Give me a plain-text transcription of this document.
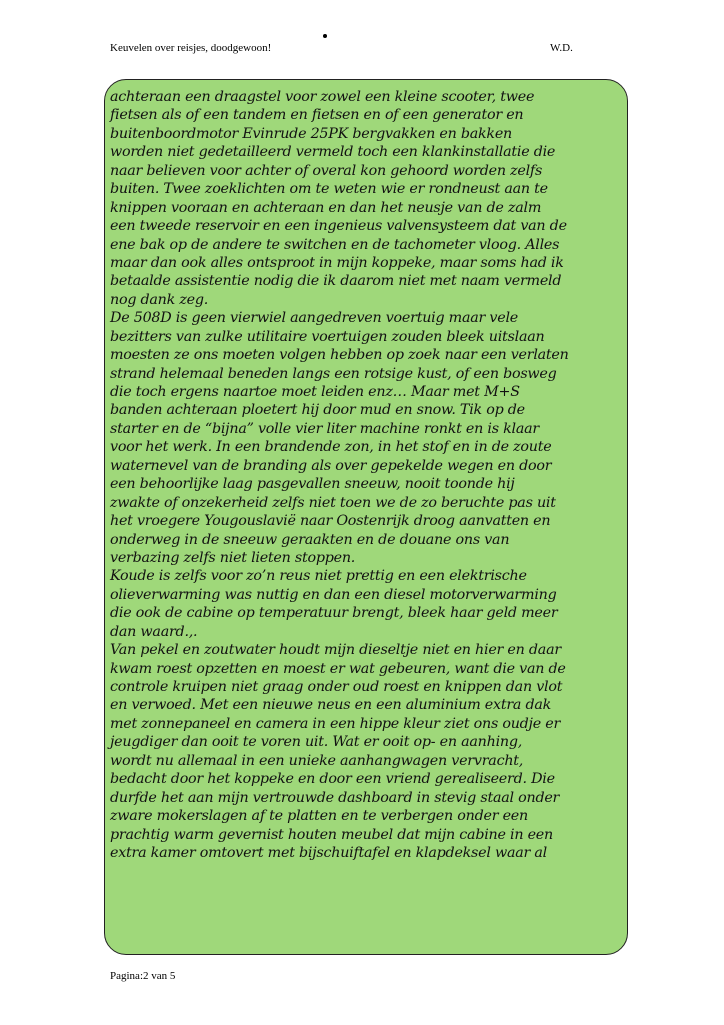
Keuvelen over reisjes, doodgewoon!	W.D.
achteraan een draagstel voor zowel een kleine scooter, twee
fietsen als of een tandem en fietsen en of een generator en
buitenboordmotor Evinrude 25PK bergvakken en bakken
worden niet gedetailleerd vermeld toch een klankinstallatie die
naar believen voor achter of overal kon gehoord worden zelfs
buiten. Twee zoeklichten om te weten wie er rondneust aan te
knippen vooraan en achteraan en dan het neusje van de zalm
een tweede reservoir en een ingenieus valvensysteem dat van de
ene bak op de andere te switchen en de tachometer vloog. Alles
maar dan ook alles ontsproot in mijn koppeke, maar soms had ik
betaalde assistentie nodig die ik daarom niet met naam vermeld
nog dank zeg.
De 508D is geen vierwiel aangedreven voertuig maar vele
bezitters van zulke utilitaire voertuigen zouden bleek uitslaan
moesten ze ons moeten volgen hebben op zoek naar een verlaten
strand helemaal beneden langs een rotsige kust, of een bosweg
die toch ergens naartoe moet leiden enz… Maar met M+S
banden achteraan ploetert hij door mud en snow. Tik op de
starter en de “bijna” volle vier liter machine ronkt en is klaar
voor het werk. In een brandende zon, in het stof en in de zoute
waternevel van de branding als over gepekelde wegen en door
een behoorlijke laag pasgevallen sneeuw, nooit toonde hij
zwakte of onzekerheid zelfs niet toen we de zo beruchte pas uit
het vroegere Yougouslavië naar Oostenrijk droog aanvatten en
onderweg in de sneeuw geraakten en de douane ons van
verbazing zelfs niet lieten stoppen.
Koude is zelfs voor zo’n reus niet prettig en een elektrische
olieverwarming was nuttig en dan een diesel motorverwarming
die ook de cabine op temperatuur brengt, bleek haar geld meer
dan waard.,.
Van pekel en zoutwater houdt mijn dieseltje niet en hier en daar
kwam roest opzetten en moest er wat gebeuren, want die van de
controle kruipen niet graag onder oud roest en knippen dan vlot
en verwoed. Met een nieuwe neus en een aluminium extra dak
met zonnepaneel en camera in een hippe kleur ziet ons oudje er
jeugdiger dan ooit te voren uit. Wat er ooit op- en aanhing,
wordt nu allemaal in een unieke aanhangwagen vervracht,
bedacht door het koppeke en door een vriend gerealiseerd. Die
durfde het aan mijn vertrouwde dashboard in stevig staal onder
zware mokerslagen af te platten en te verbergen onder een
prachtig warm gevernist houten meubel dat mijn cabine in een
extra kamer omtovert met bijschuiftafel en klapdeksel waar al
Pagina:2 van 5
